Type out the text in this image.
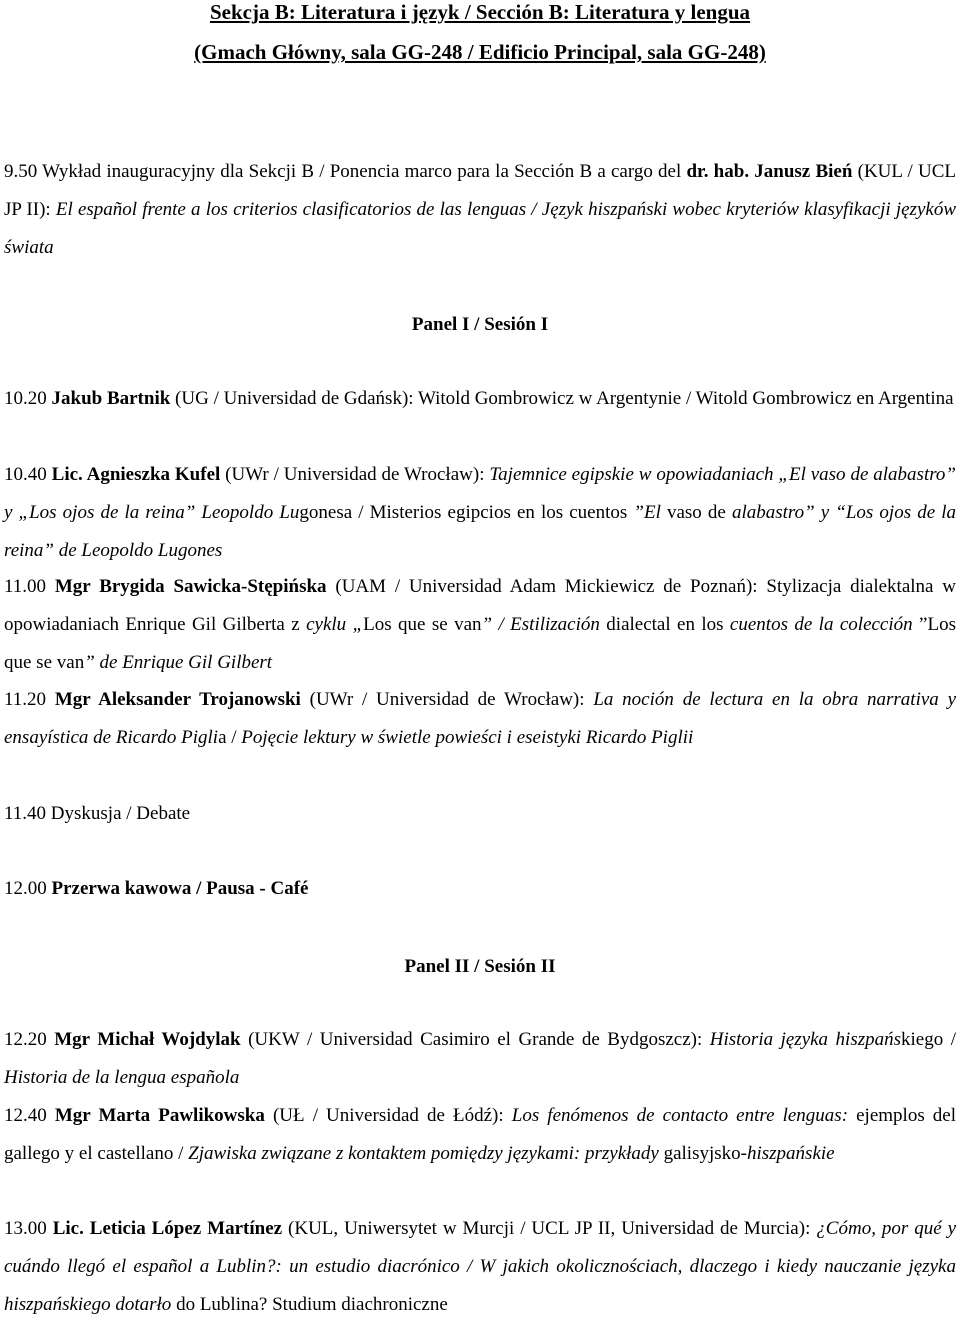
Sekcja B: Literatura i język / Sección B: Literatura y lengua
(Gmach Główny, sala GG-248 / Edificio Principal, sala GG-248)
9.50 Wykład inauguracyjny dla Sekcji B / Ponencia marco para la Sección B a cargo del dr. hab. Janusz Bień (KUL / UCL JP II): El español frente a los criterios clasificatorios de las lenguas / Język hiszpański wobec kryteriów klasyfikacji języków świata
Panel I / Sesión I
10.20 Jakub Bartnik (UG / Universidad de Gdańsk): Witold Gombrowicz w Argentynie / Witold Gombrowicz en Argentina
10.40 Lic. Agnieszka Kufel (UWr / Universidad de Wrocław): Tajemnice egipskie w opowiadaniach „El vaso de alabastro” y „Los ojos de la reina” Leopoldo Lugonesa / Misterios egipcios en los cuentos ”El vaso de alabastro” y “Los ojos de la reina” de Leopoldo Lugones
11.00 Mgr Brygida Sawicka-Stępińska (UAM / Universidad Adam Mickiewicz de Poznań): Stylizacja dialektalna w opowiadaniach Enrique Gil Gilberta z cyklu „Los que se van” / Estilización dialectal en los cuentos de la colección ”Los que se van” de Enrique Gil Gilbert
11.20 Mgr Aleksander Trojanowski (UWr / Universidad de Wrocław): La noción de lectura en la obra narrativa y ensayística de Ricardo Piglia / Pojęcie lektury w świetle powieści i eseistyki Ricardo Piglii
11.40 Dyskusja / Debate
12.00 Przerwa kawowa / Pausa - Café
Panel II / Sesión II
12.20 Mgr Michał Wojdylak (UKW / Universidad Casimiro el Grande de Bydgoszcz): Historia języka hiszpańskiego / Historia de la lengua española
12.40 Mgr Marta Pawlikowska (UŁ / Universidad de Łódź): Los fenómenos de contacto entre lenguas: ejemplos del gallego y el castellano / Zjawiska związane z kontaktem pomiędzy językami: przykłady galisyjsko-hiszpańskie
13.00 Lic. Leticia López Martínez (KUL, Uniwersytet w Murcji / UCL JP II, Universidad de Murcia): ¿Cómo, por qué y cuándo llegó el español a Lublin?: un estudio diacrónico / W jakich okolicznościach, dlaczego i kiedy nauczanie języka hiszpańskiego dotarło do Lublina? Studium diachroniczne
